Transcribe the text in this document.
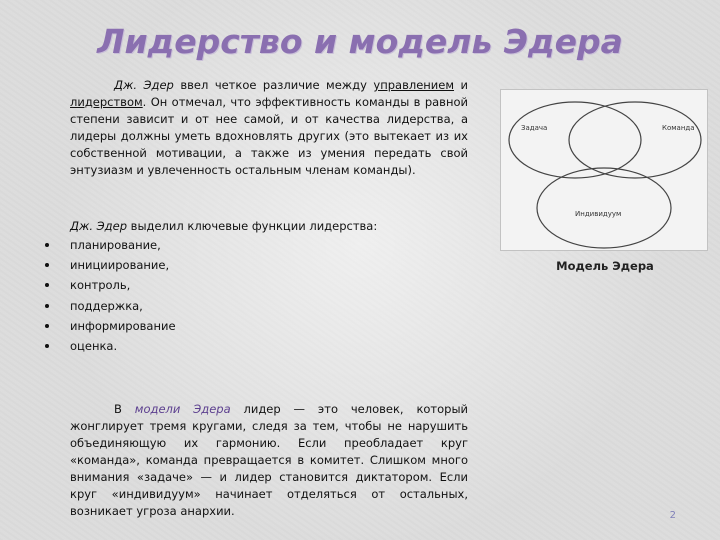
Лидерство и модель Эдера

Дж. Эдер ввел четкое различие между управлением и лидерством. Он отмечал, что эффективность команды в равной степени зависит и от нее самой, и от качества лидерства, а лидеры должны уметь вдохновлять других (это вытекает из их собственной мотивации, а также из умения передать свой энтузиазм и увлеченность остальным членам команды).

Дж. Эдер выделил ключевые функции лидерства:

планирование,
инициирование,
контроль,
поддержка,
информирование
оценка.

В модели Эдера лидер — это человек, который жонглирует тремя кругами, следя за тем, чтобы не нарушить объединяющую их гармонию. Если преобладает круг «команда», команда превращается в комитет. Слишком много внимания «задаче» — и лидер становится диктатором. Если круг «индивидуум» начинает отделяться от остальных, возникает угроза анархии.

Задача	Команда
Индивидуум
Модель Эдера
2
